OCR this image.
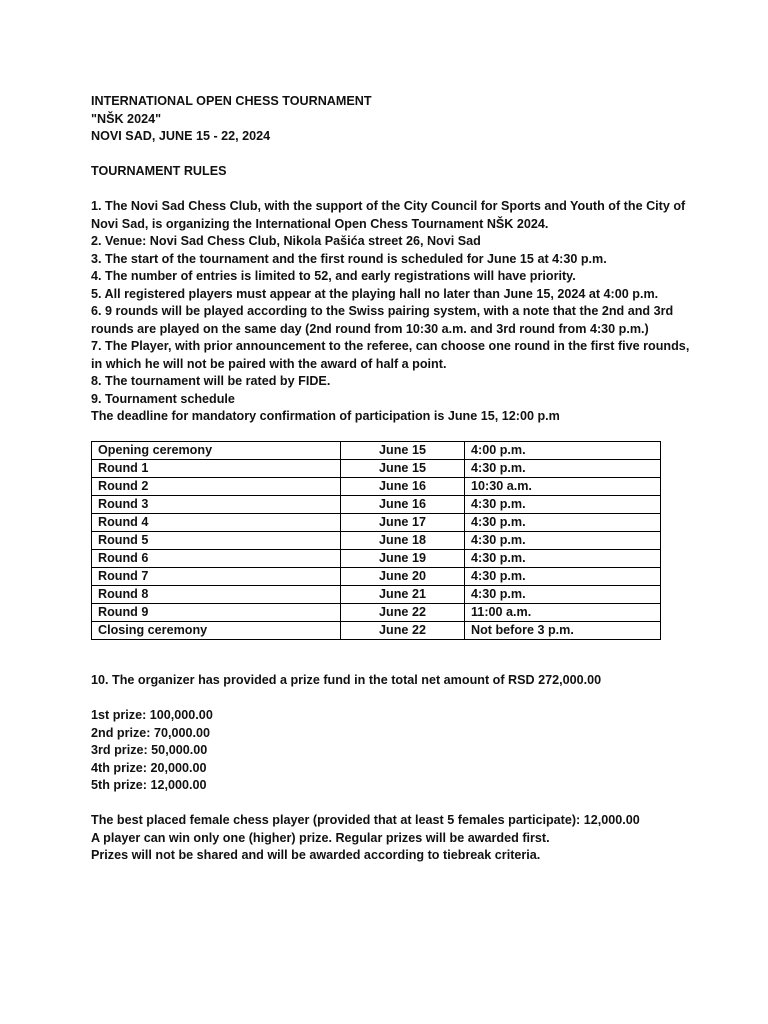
INTERNATIONAL OPEN CHESS TOURNAMENT

"NŠK 2024"

NOVI SAD, JUNE 15 - 22, 2024

TOURNAMENT RULES

1. The Novi Sad Chess Club, with the support of the City Council for Sports and Youth of the City of

Novi Sad, is organizing the International Open Chess Tournament NŠK 2024.

2. Venue: Novi Sad Chess Club, Nikola Pašića street 26, Novi Sad

3. The start of the tournament and the first round is scheduled for June 15 at 4:30 p.m.

4. The number of entries is limited to 52, and early registrations will have priority.

5. All registered players must appear at the playing hall no later than June 15, 2024 at 4:00 p.m.

6. 9 rounds will be played according to the Swiss pairing system, with a note that the 2nd and 3rd

rounds are played on the same day (2nd round from 10:30 a.m. and 3rd round from 4:30 p.m.)

7. The Player, with prior announcement to the referee, can choose one round in the first five rounds,

in which he will not be paired with the award of half a point.

8. The tournament will be rated by FIDE.

9. Tournament schedule

The deadline for mandatory confirmation of participation is June 15, 12:00 p.m

Opening ceremony	June 15	4:00 p.m.
Round 1	June 15	4:30 p.m.
Round 2	June 16	10:30 a.m.
Round 3	June 16	4:30 p.m.
Round 4	June 17	4:30 p.m.
Round 5	June 18	4:30 p.m.
Round 6	June 19	4:30 p.m.
Round 7	June 20	4:30 p.m.
Round 8	June 21	4:30 p.m.
Round 9	June 22	11:00 a.m.
Closing ceremony	June 22	Not before 3 p.m.

10. The organizer has provided a prize fund in the total net amount of RSD 272,000.00

1st prize: 100,000.00

2nd prize: 70,000.00

3rd prize: 50,000.00

4th prize: 20,000.00

5th prize: 12,000.00

The best placed female chess player (provided that at least 5 females participate): 12,000.00

A player can win only one (higher) prize. Regular prizes will be awarded first.

Prizes will not be shared and will be awarded according to tiebreak criteria.
